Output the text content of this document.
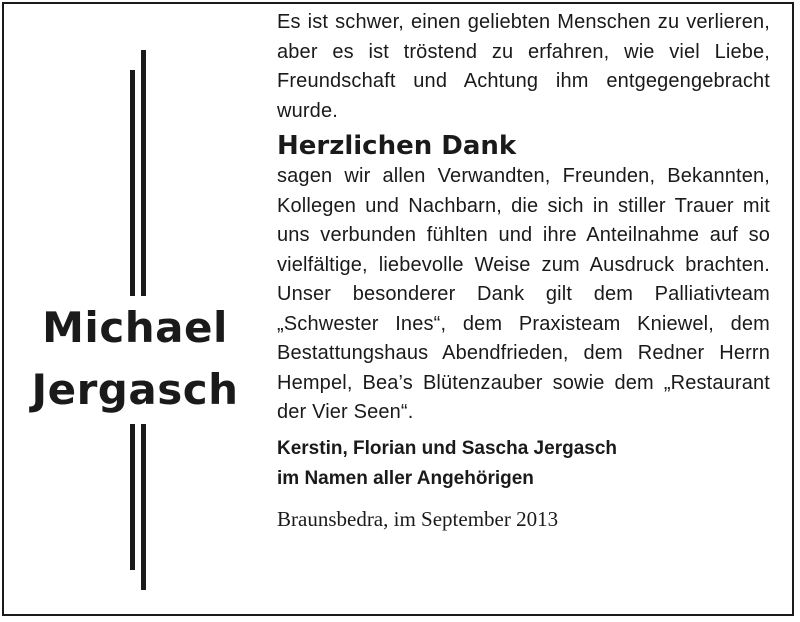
Michael
Jergasch

Es ist schwer, einen geliebten Menschen zu verlieren, aber es ist tröstend zu erfahren, wie viel Liebe, Freundschaft und Achtung ihm entgegengebracht wurde.

Herzlichen Dank

sagen wir allen Verwandten, Freunden, Bekannten, Kollegen und Nachbarn, die sich in stiller Trauer mit uns verbunden fühlten und ihre Anteilnahme auf so vielfältige, liebevolle Weise zum Ausdruck brachten. Unser besonderer Dank gilt dem Palliativteam „Schwester Ines“, dem Praxisteam Kniewel, dem Bestattungshaus Abendfrieden, dem Redner Herrn Hempel, Bea’s Blütenzauber sowie dem „Restaurant der Vier Seen“.

Kerstin, Florian und Sascha Jergasch

im Namen aller Angehörigen

Braunsbedra, im September 2013
